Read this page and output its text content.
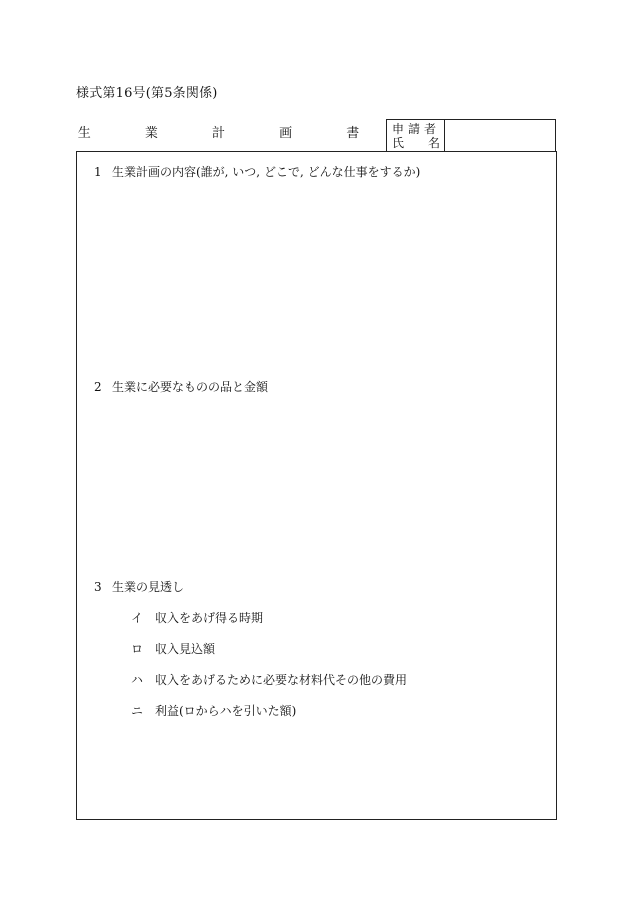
様式第16号(第5条関係)
生 業 計 画 書 申請者
氏 名
1 生業計画の内容(誰が, いつ, どこで, どんな仕事をするか)
2 生業に必要なものの品と金額
3 生業の見透し
イ 収入をあげ得る時期
ロ 収入見込額
ハ 収入をあげるために必要な材料代その他の費用
ニ 利益(ロからハを引いた額)
